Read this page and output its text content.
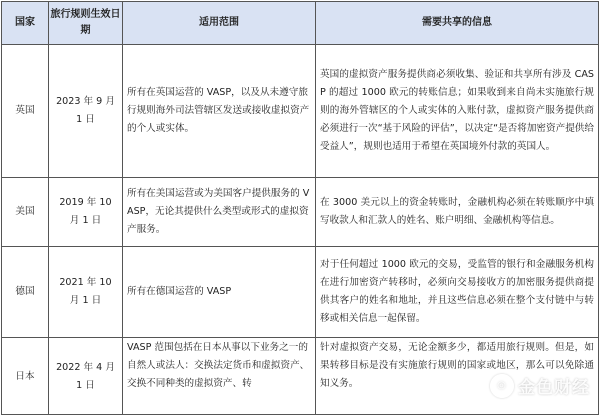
国家	旅行规则生效日期	适用范围	需要共享的信息
英国	2023 年 9 月 1 日	所有在英国运营的 VASP，以及从未遵守旅行规则海外司法管辖区发送或接收虚拟资产的个人或实体。	英国的虚拟资产服务提供商必须收集、验证和共享所有涉及 CASP 的超过 1000 欧元的转账信息；如果收到来自尚未实施旅行规则的海外管辖区的个人或实体的入账付款，虚拟资产服务提供商必须进行一次“基于风险的评估”，以决定“是否将加密资产提供给受益人”，规则也适用于希望在英国境外付款的英国人。
美国	2019 年 10 月 1 日	所有在美国运营或为美国客户提供服务的 VASP，无论其提供什么类型或形式的虚拟资产服务。	在 3000 美元以上的资金转账时，金融机构必须在转账顺序中填写收款人和汇款人的姓名、账户明细、金融机构等信息。
德国	2021 年 10 月 1 日	所有在德国运营的 VASP	对于任何超过 1000 欧元的交易，受监管的银行和金融服务机构在进行加密资产转移时，必须向交易接收方的加密服务提供商提供其客户的姓名和地址，并且这些信息必须在整个支付链中与转移或相关信息一起保留。
日本	2022 年 4 月 1 日	VASP 范围包括在日本从事以下业务之一的自然人或法人：交换法定货币和虚拟资产、交换不同种类的虚拟资产、转	针对虚拟资产交易，无论金额多少，都适用旅行规则。但是，如果转移目标是没有实施旅行规则的国家或地区，那么可以免除通知义务。	◎ 金色财经
